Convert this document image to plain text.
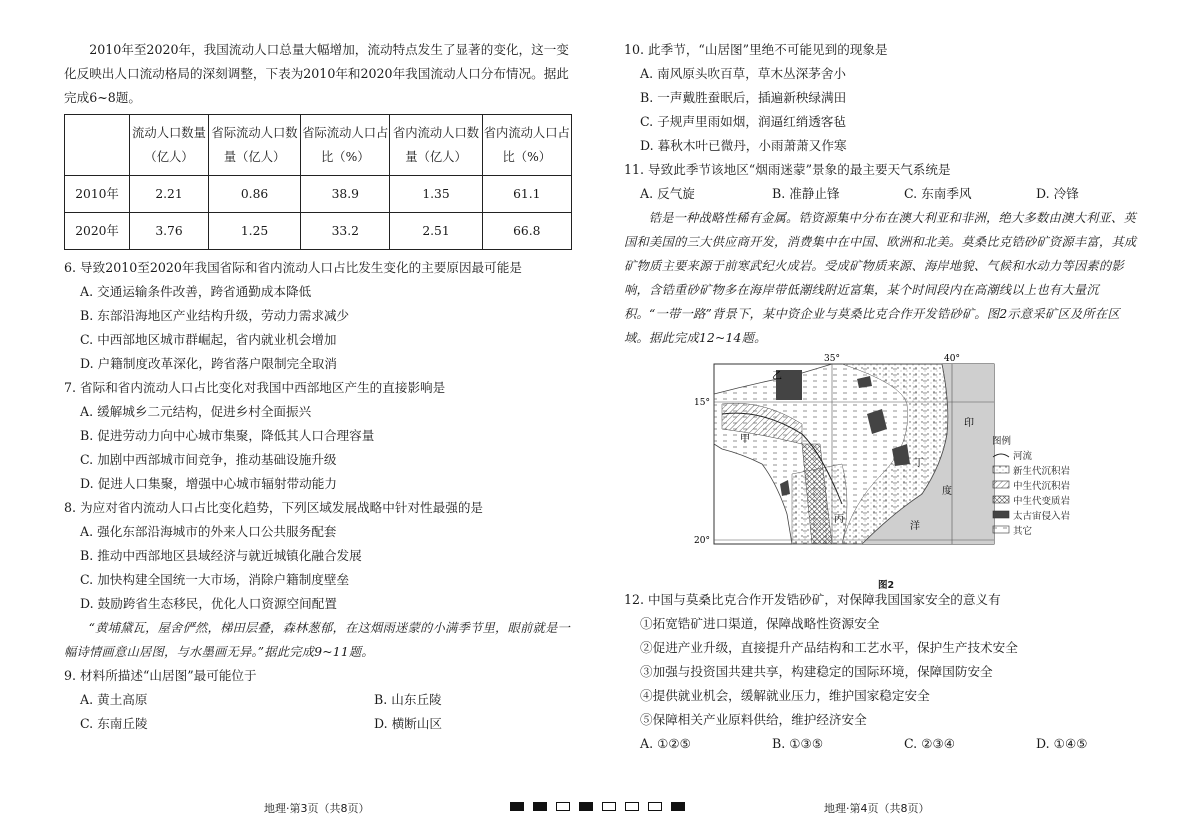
2010年至2020年，我国流动人口总量大幅增加，流动特点发生了显著的变化，这一变化反映出人口流动格局的深刻调整，下表为2010年和2020年我国流动人口分布情况。据此完成6~8题。

	流动人口数量（亿人）	省际流动人口数量（亿人）	省际流动人口占比（%）	省内流动人口数量（亿人）	省内流动人口占比（%）
2010年	2.21	0.86	38.9	1.35	61.1
2020年	3.76	1.25	33.2	2.51	66.8

6. 导致2010至2020年我国省际和省内流动人口占比发生变化的主要原因最可能是

A. 交通运输条件改善，跨省通勤成本降低

B. 东部沿海地区产业结构升级，劳动力需求减少

C. 中西部地区城市群崛起，省内就业机会增加

D. 户籍制度改革深化，跨省落户限制完全取消

7. 省际和省内流动人口占比变化对我国中西部地区产生的直接影响是

A. 缓解城乡二元结构，促进乡村全面振兴

B. 促进劳动力向中心城市集聚，降低其人口合理容量

C. 加剧中西部城市间竞争，推动基础设施升级

D. 促进人口集聚，增强中心城市辐射带动能力

8. 为应对省内流动人口占比变化趋势，下列区域发展战略中针对性最强的是

A. 强化东部沿海城市的外来人口公共服务配套

B. 推动中西部地区县域经济与就近城镇化融合发展

C. 加快构建全国统一大市场，消除户籍制度壁垒

D. 鼓励跨省生态移民，优化人口资源空间配置

“黄埔黛瓦，屋舍俨然，梯田层叠，森林葱郁，在这烟雨迷蒙的小满季节里，眼前就是一幅诗情画意山居图，与水墨画无异。”据此完成9~11题。

9. 材料所描述“山居图”最可能位于

A. 黄土高原	B. 山东丘陵
C. 东南丘陵	D. 横断山区

10. 此季节，“山居图”里绝不可能见到的现象是

A. 南风原头吹百草，草木丛深茅舍小

B. 一声戴胜蚕眠后，插遍新秧绿满田

C. 子规声里雨如烟，润逼红绡透客毡

D. 暮秋木叶已微丹，小雨萧萧又作寒

11. 导致此季节该地区“烟雨迷蒙”景象的最主要天气系统是

A. 反气旋	B. 准静止锋	C. 东南季风	D. 冷锋

锆是一种战略性稀有金属。锆资源集中分布在澳大利亚和非洲，绝大多数由澳大利亚、英国和美国的三大供应商开发，消费集中在中国、欧洲和北美。莫桑比克锆砂矿资源丰富，其成矿物质主要来源于前寒武纪火成岩。受成矿物质来源、海岸地貌、气候和水动力等因素的影响，含锆重砂矿物多在海岸带低潮线附近富集，某个时间段内在高潮线以上也有大量沉积。“一带一路”背景下，某中资企业与莫桑比克合作开发锆砂矿。图2示意采矿区及所在区域。据此完成12~14题。

35°	40°
15°
20°
甲
乙
丙
丁
印
度
洋
图例
河流
新生代沉积岩
中生代沉积岩
中生代变质岩
太古宙侵入岩
其它
图2

12. 中国与莫桑比克合作开发锆砂矿，对保障我国国家安全的意义有

①拓宽锆矿进口渠道，保障战略性资源安全

②促进产业升级，直接提升产品结构和工艺水平，保护生产技术安全

③加强与投资国共建共享，构建稳定的国际环境，保障国防安全

④提供就业机会，缓解就业压力，维护国家稳定安全

⑤保障相关产业原料供给，维护经济安全

A. ①②⑤	B. ①③⑤	C. ②③④	D. ①④⑤
地理·第3页（共8页）	地理·第4页（共8页）
